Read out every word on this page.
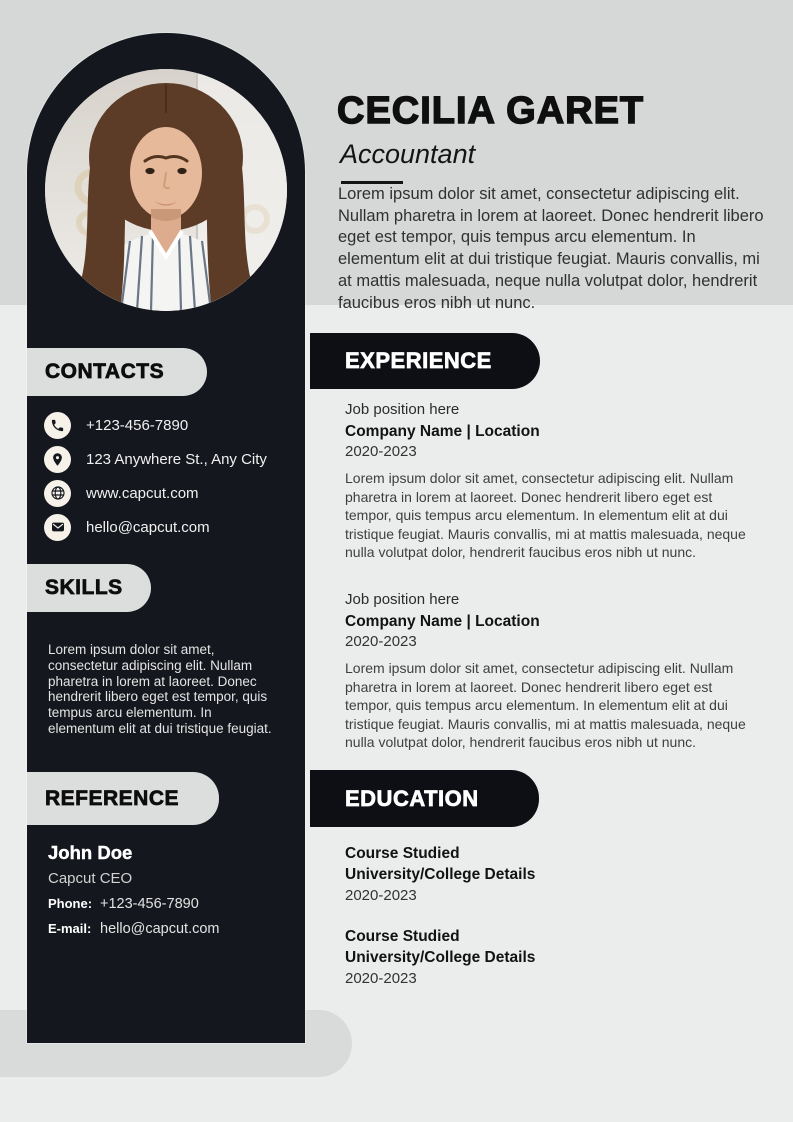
CECILIA GARET
Accountant
Lorem ipsum dolor sit amet, consectetur adipiscing elit. Nullam pharetra in lorem at laoreet. Donec hendrerit libero eget est tempor, quis tempus arcu elementum. In elementum elit at dui tristique feugiat. Mauris convallis, mi at mattis malesuada, neque nulla volutpat dolor, hendrerit faucibus eros nibh ut nunc.
EXPERIENCE
Job position here
Company Name | Location
2020-2023
Lorem ipsum dolor sit amet, consectetur adipiscing elit. Nullam pharetra in lorem at laoreet. Donec hendrerit libero eget est tempor, quis tempus arcu elementum. In elementum elit at dui tristique feugiat. Mauris convallis, mi at mattis malesuada, neque nulla volutpat dolor, hendrerit faucibus eros nibh ut nunc.
Job position here
Company Name | Location
2020-2023
Lorem ipsum dolor sit amet, consectetur adipiscing elit. Nullam pharetra in lorem at laoreet. Donec hendrerit libero eget est tempor, quis tempus arcu elementum. In elementum elit at dui tristique feugiat. Mauris convallis, mi at mattis malesuada, neque nulla volutpat dolor, hendrerit faucibus eros nibh ut nunc.
EDUCATION
Course Studied
University/College Details
2020-2023
Course Studied
University/College Details
2020-2023
CONTACTS
+123-456-7890
123 Anywhere St., Any City
www.capcut.com
hello@capcut.com
SKILLS
Lorem ipsum dolor sit amet, consectetur adipiscing elit. Nullam pharetra in lorem at laoreet. Donec hendrerit libero eget est tempor, quis tempus arcu elementum. In elementum elit at dui tristique feugiat.
REFERENCE
John Doe
Capcut CEO
Phone: +123-456-7890
E-mail: hello@capcut.com
